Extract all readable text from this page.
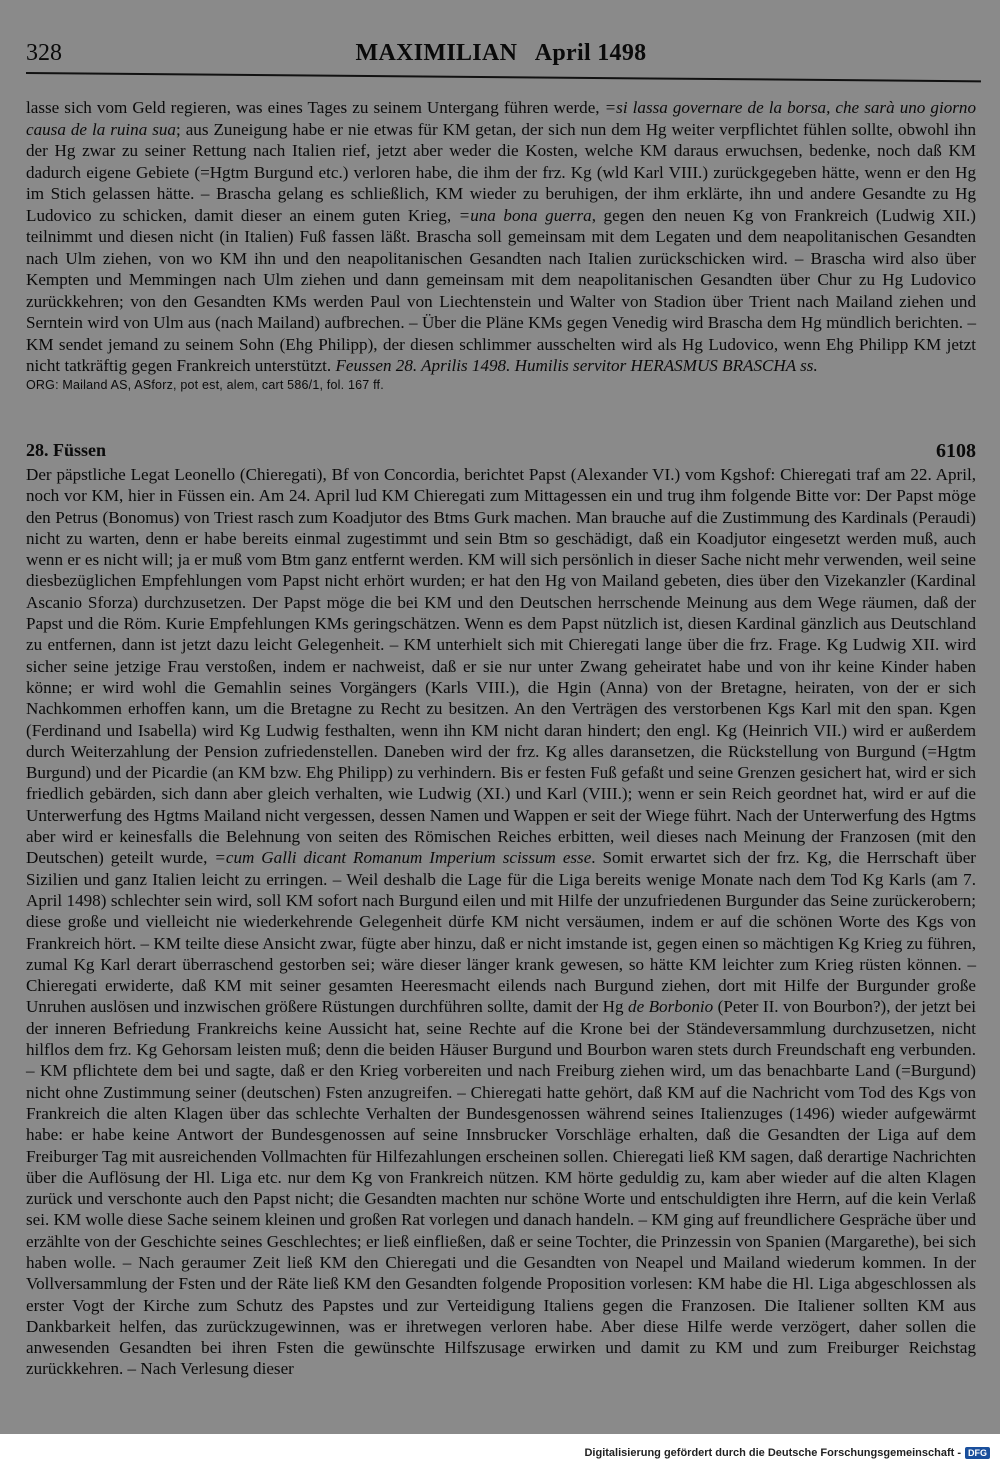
328	MAXIMILIAN   April 1498

lasse sich vom Geld regieren, was eines Tages zu seinem Untergang führen werde, =si lassa governare de la borsa, che sarà uno giorno causa de la ruina sua; aus Zuneigung habe er nie etwas für KM getan, der sich nun dem Hg weiter verpflichtet fühlen sollte, obwohl ihn der Hg zwar zu seiner Rettung nach Italien rief, jetzt aber weder die Kosten, welche KM daraus erwuchsen, bedenke, noch daß KM dadurch eigene Gebiete (=Hgtm Burgund etc.) verloren habe, die ihm der frz. Kg (wld Karl VIII.) zurückgegeben hätte, wenn er den Hg im Stich gelassen hätte. – Brascha gelang es schließlich, KM wieder zu beruhigen, der ihm erklärte, ihn und andere Gesandte zu Hg Ludovico zu schicken, damit dieser an einem guten Krieg, =una bona guerra, gegen den neuen Kg von Frankreich (Ludwig XII.) teilnimmt und diesen nicht (in Italien) Fuß fassen läßt. Brascha soll gemeinsam mit dem Legaten und dem neapolitanischen Gesandten nach Ulm ziehen, von wo KM ihn und den neapolitanischen Gesandten nach Italien zurückschicken wird. – Brascha wird also über Kempten und Memmingen nach Ulm ziehen und dann gemeinsam mit dem neapolitanischen Gesandten über Chur zu Hg Ludovico zurückkehren; von den Gesandten KMs werden Paul von Liechtenstein und Walter von Stadion über Trient nach Mailand ziehen und Serntein wird von Ulm aus (nach Mailand) aufbrechen. – Über die Pläne KMs gegen Venedig wird Brascha dem Hg mündlich berichten. – KM sendet jemand zu seinem Sohn (Ehg Philipp), der diesen schlimmer ausschelten wird als Hg Ludovico, wenn Ehg Philipp KM jetzt nicht tatkräftig gegen Frankreich unterstützt. Feussen 28. Aprilis 1498. Humilis servitor HERASMUS BRASCHA ss.

ORG: Mailand AS, ASforz, pot est, alem, cart 586/1, fol. 167 ff.

28. Füssen	6108

Der päpstliche Legat Leonello (Chieregati), Bf von Concordia, berichtet Papst (Alexander VI.) vom Kgshof: Chieregati traf am 22. April, noch vor KM, hier in Füssen ein. Am 24. April lud KM Chieregati zum Mittagessen ein und trug ihm folgende Bitte vor: Der Papst möge den Petrus (Bonomus) von Triest rasch zum Koadjutor des Btms Gurk machen. Man brauche auf die Zustimmung des Kardinals (Peraudi) nicht zu warten, denn er habe bereits einmal zugestimmt und sein Btm so geschädigt, daß ein Koadjutor eingesetzt werden muß, auch wenn er es nicht will; ja er muß vom Btm ganz entfernt werden. KM will sich persönlich in dieser Sache nicht mehr verwenden, weil seine diesbezüglichen Empfehlungen vom Papst nicht erhört wurden; er hat den Hg von Mailand gebeten, dies über den Vizekanzler (Kardinal Ascanio Sforza) durchzusetzen. Der Papst möge die bei KM und den Deutschen herrschende Meinung aus dem Wege räumen, daß der Papst und die Röm. Kurie Empfehlungen KMs geringschätzen. Wenn es dem Papst nützlich ist, diesen Kardinal gänzlich aus Deutschland zu entfernen, dann ist jetzt dazu leicht Gelegenheit. – KM unterhielt sich mit Chieregati lange über die frz. Frage. Kg Ludwig XII. wird sicher seine jetzige Frau verstoßen, indem er nachweist, daß er sie nur unter Zwang geheiratet habe und von ihr keine Kinder haben könne; er wird wohl die Gemahlin seines Vorgängers (Karls VIII.), die Hgin (Anna) von der Bretagne, heiraten, von der er sich Nachkommen erhoffen kann, um die Bretagne zu Recht zu besitzen. An den Verträgen des verstorbenen Kgs Karl mit den span. Kgen (Ferdinand und Isabella) wird Kg Ludwig festhalten, wenn ihn KM nicht daran hindert; den engl. Kg (Heinrich VII.) wird er außerdem durch Weiterzahlung der Pension zufriedenstellen. Daneben wird der frz. Kg alles daransetzen, die Rückstellung von Burgund (=Hgtm Burgund) und der Picardie (an KM bzw. Ehg Philipp) zu verhindern. Bis er festen Fuß gefaßt und seine Grenzen gesichert hat, wird er sich friedlich gebärden, sich dann aber gleich verhalten, wie Ludwig (XI.) und Karl (VIII.); wenn er sein Reich geordnet hat, wird er auf die Unterwerfung des Hgtms Mailand nicht vergessen, dessen Namen und Wappen er seit der Wiege führt. Nach der Unterwerfung des Hgtms aber wird er keinesfalls die Belehnung von seiten des Römischen Reiches erbitten, weil dieses nach Meinung der Franzosen (mit den Deutschen) geteilt wurde, =cum Galli dicant Romanum Imperium scissum esse. Somit erwartet sich der frz. Kg, die Herrschaft über Sizilien und ganz Italien leicht zu erringen. – Weil deshalb die Lage für die Liga bereits wenige Monate nach dem Tod Kg Karls (am 7. April 1498) schlechter sein wird, soll KM sofort nach Burgund eilen und mit Hilfe der unzufriedenen Burgunder das Seine zurückerobern; diese große und vielleicht nie wiederkehrende Gelegenheit dürfe KM nicht versäumen, indem er auf die schönen Worte des Kgs von Frankreich hört. – KM teilte diese Ansicht zwar, fügte aber hinzu, daß er nicht imstande ist, gegen einen so mächtigen Kg Krieg zu führen, zumal Kg Karl derart überraschend gestorben sei; wäre dieser länger krank gewesen, so hätte KM leichter zum Krieg rüsten können. – Chieregati erwiderte, daß KM mit seiner gesamten Heeresmacht eilends nach Burgund ziehen, dort mit Hilfe der Burgunder große Unruhen auslösen und inzwischen größere Rüstungen durchführen sollte, damit der Hg de Borbonio (Peter II. von Bourbon?), der jetzt bei der inneren Befriedung Frankreichs keine Aussicht hat, seine Rechte auf die Krone bei der Ständeversammlung durchzusetzen, nicht hilflos dem frz. Kg Gehorsam leisten muß; denn die beiden Häuser Burgund und Bourbon waren stets durch Freundschaft eng verbunden. – KM pflichtete dem bei und sagte, daß er den Krieg vorbereiten und nach Freiburg ziehen wird, um das benachbarte Land (=Burgund) nicht ohne Zustimmung seiner (deutschen) Fsten anzugreifen. – Chieregati hatte gehört, daß KM auf die Nachricht vom Tod des Kgs von Frankreich die alten Klagen über das schlechte Verhalten der Bundesgenossen während seines Italienzuges (1496) wieder aufgewärmt habe: er habe keine Antwort der Bundesgenossen auf seine Innsbrucker Vorschläge erhalten, daß die Gesandten der Liga auf dem Freiburger Tag mit ausreichenden Vollmachten für Hilfezahlungen erscheinen sollen. Chieregati ließ KM sagen, daß derartige Nachrichten über die Auflösung der Hl. Liga etc. nur dem Kg von Frankreich nützen. KM hörte geduldig zu, kam aber wieder auf die alten Klagen zurück und verschonte auch den Papst nicht; die Gesandten machten nur schöne Worte und entschuldigten ihre Herrn, auf die kein Verlaß sei. KM wolle diese Sache seinem kleinen und großen Rat vorlegen und danach handeln. – KM ging auf freundlichere Gespräche über und erzählte von der Geschichte seines Geschlechtes; er ließ einfließen, daß er seine Tochter, die Prinzessin von Spanien (Margarethe), bei sich haben wolle. – Nach geraumer Zeit ließ KM den Chieregati und die Gesandten von Neapel und Mailand wiederum kommen. In der Vollversammlung der Fsten und der Räte ließ KM den Gesandten folgende Proposition vorlesen: KM habe die Hl. Liga abgeschlossen als erster Vogt der Kirche zum Schutz des Papstes und zur Verteidigung Italiens gegen die Franzosen. Die Italiener sollten KM aus Dankbarkeit helfen, das zurückzugewinnen, was er ihretwegen verloren habe. Aber diese Hilfe werde verzögert, daher sollen die anwesenden Gesandten bei ihren Fsten die gewünschte Hilfszusage erwirken und damit zu KM und zum Freiburger Reichstag zurückkehren. – Nach Verlesung dieser

Digitalisierung gefördert durch die Deutsche Forschungsgemeinschaft - DFG
